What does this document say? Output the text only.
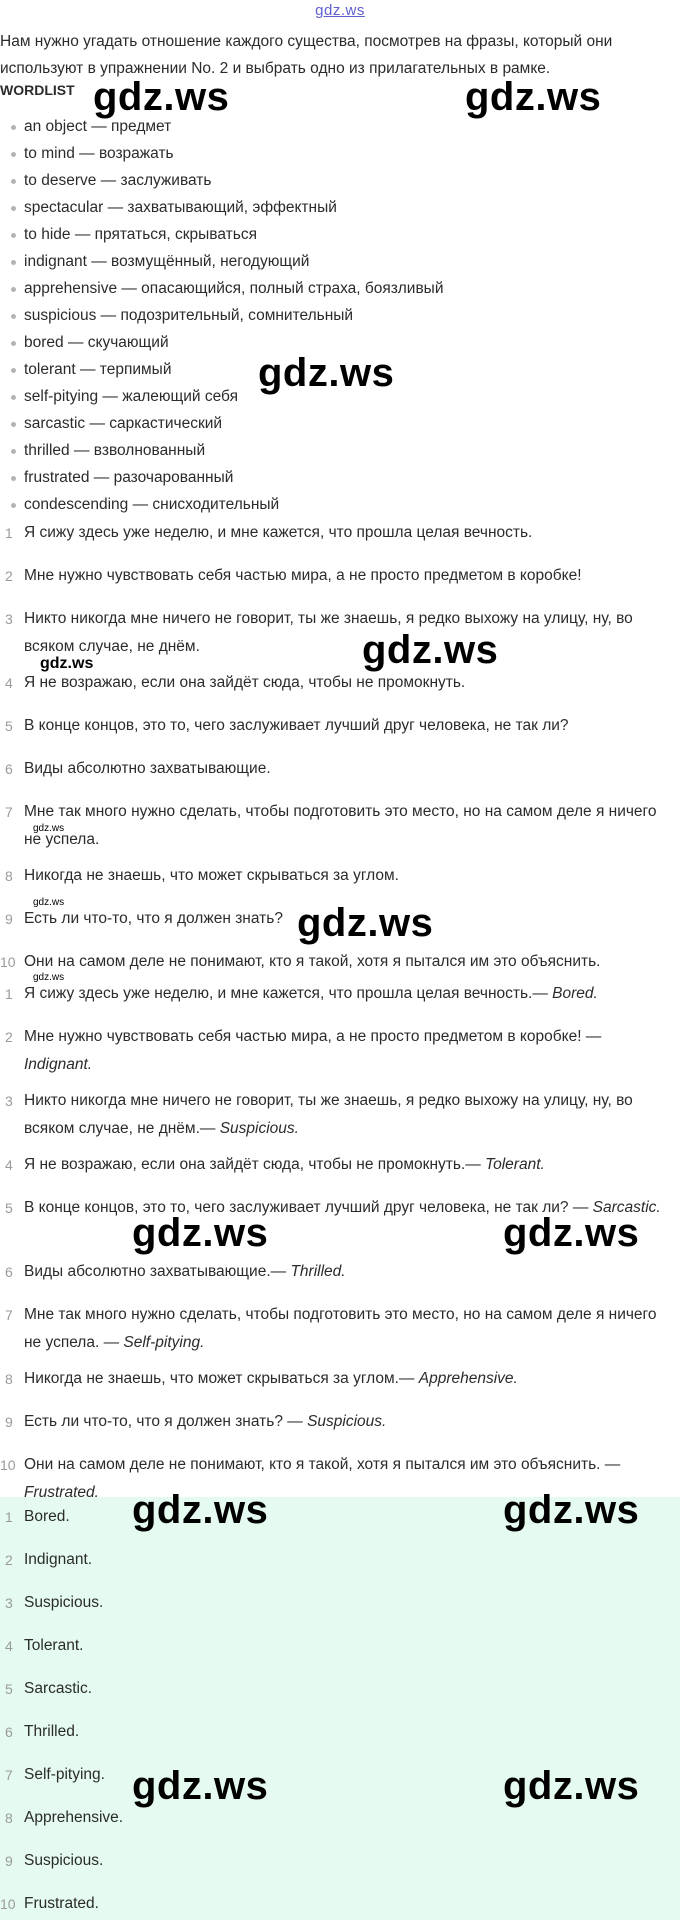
gdz.ws
Нам нужно угадать отношение каждого существа, посмотрев на фразы, который они используют в упражнении No. 2 и выбрать одно из прилагательных в рамке.
WORDLIST
an object — предмет
to mind — возражать
to deserve — заслуживать
spectacular — захватывающий, эффектный
to hide — прятаться, скрываться
indignant — возмущённый, негодующий
apprehensive — опасающийся, полный страха, боязливый
suspicious — подозрительный, сомнительный
bored — скучающий
tolerant — терпимый
self-pitying — жалеющий себя
sarcastic — саркастический
thrilled — взволнованный
frustrated — разочарованный
condescending — снисходительный
1 Я сижу здесь уже неделю, и мне кажется, что прошла целая вечность.
2 Мне нужно чувствовать себя частью мира, а не просто предметом в коробке!
3 Никто никогда мне ничего не говорит, ты же знаешь, я редко выхожу на улицу, ну, во всяком случае, не днём.
4 Я не возражаю, если она зайдёт сюда, чтобы не промокнуть.
5 В конце концов, это то, чего заслуживает лучший друг человека, не так ли?
6 Виды абсолютно захватывающие.
7 Мне так много нужно сделать, чтобы подготовить это место, но на самом деле я ничего не успела.
8 Никогда не знаешь, что может скрываться за углом.
9 Есть ли что-то, что я должен знать?
10 Они на самом деле не понимают, кто я такой, хотя я пытался им это объяснить.
1 Я сижу здесь уже неделю, и мне кажется, что прошла целая вечность.— Bored.
2 Мне нужно чувствовать себя частью мира, а не просто предметом в коробке! — Indignant.
3 Никто никогда мне ничего не говорит, ты же знаешь, я редко выхожу на улицу, ну, во всяком случае, не днём.— Suspicious.
4 Я не возражаю, если она зайдёт сюда, чтобы не промокнуть.— Tolerant.
5 В конце концов, это то, чего заслуживает лучший друг человека, не так ли? — Sarcastic.
6 Виды абсолютно захватывающие.— Thrilled.
7 Мне так много нужно сделать, чтобы подготовить это место, но на самом деле я ничего не успела. — Self-pitying.
8 Никогда не знаешь, что может скрываться за углом.— Apprehensive.
9 Есть ли что-то, что я должен знать? — Suspicious.
10 Они на самом деле не понимают, кто я такой, хотя я пытался им это объяснить. — Frustrated.
1 Bored.
2 Indignant.
3 Suspicious.
4 Tolerant.
5 Sarcastic.
6 Thrilled.
7 Self-pitying.
8 Apprehensive.
9 Suspicious.
10 Frustrated.
gdz.ws	gdz.ws
gdz.ws
gdz.ws
gdz.ws
gdz.ws
gdz.ws	gdz.ws
gdz.ws
gdz.ws	gdz.ws
gdz.ws	gdz.ws
gdz.ws	gdz.ws
